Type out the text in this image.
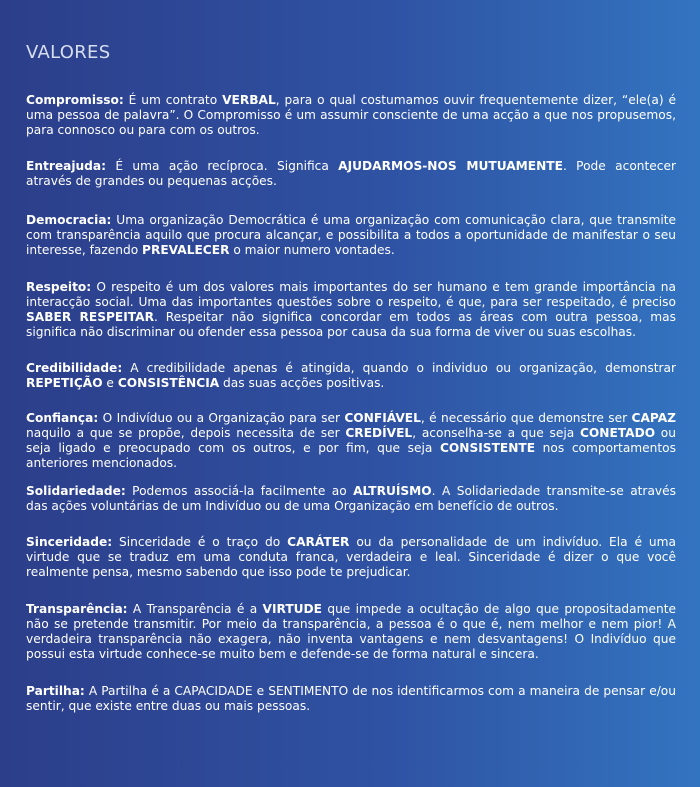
VALORES
Compromisso: É um contrato VERBAL, para o qual costumamos ouvir frequentemente dizer, “ele(a) é uma pessoa de palavra”. O Compromisso é um assumir consciente de uma acção a que nos propusemos, para connosco ou para com os outros.
Entreajuda: É uma ação recíproca. Significa AJUDARMOS-NOS MUTUAMENTE. Pode acontecer através de grandes ou pequenas acções.
Democracia: Uma organização Democrática é uma organização com comunicação clara, que transmite com transparência aquilo que procura alcançar, e possibilita a todos a oportunidade de manifestar o seu interesse, fazendo PREVALECER o maior numero vontades.
Respeito: O respeito é um dos valores mais importantes do ser humano e tem grande importância na interacção social. Uma das importantes questões sobre o respeito, é que, para ser respeitado, é preciso SABER RESPEITAR. Respeitar não significa concordar em todos as áreas com outra pessoa, mas significa não discriminar ou ofender essa pessoa por causa da sua forma de viver ou suas escolhas.
Credibilidade: A credibilidade apenas é atingida, quando o individuo ou organização, demonstrar REPETIÇÃO e CONSISTÊNCIA das suas acções positivas.
Confiança: O Indivíduo ou a Organização para ser CONFIÁVEL, é necessário que demonstre ser CAPAZ naquilo a que se propõe, depois necessita de ser CREDÍVEL, aconselha-se a que seja CONETADO ou seja ligado e preocupado com os outros, e por fim, que seja CONSISTENTE nos comportamentos anteriores mencionados.
Solidariedade: Podemos associá-la facilmente ao ALTRUÍSMO. A Solidariedade transmite-se através das ações voluntárias de um Indivíduo ou de uma Organização em benefício de outros.
Sinceridade: Sinceridade é o traço do CARÁTER ou da personalidade de um indivíduo. Ela é uma virtude que se traduz em uma conduta franca, verdadeira e leal. Sinceridade é dizer o que você realmente pensa, mesmo sabendo que isso pode te prejudicar.
Transparência: A Transparência é a VIRTUDE que impede a ocultação de algo que propositadamente não se pretende transmitir. Por meio da transparência, a pessoa é o que é, nem melhor e nem pior! A verdadeira transparência não exagera, não inventa vantagens e nem desvantagens! O Indivíduo que possui esta virtude conhece-se muito bem e defende-se de forma natural e sincera.
Partilha: A Partilha é a CAPACIDADE e SENTIMENTO de nos identificarmos com a maneira de pensar e/ou sentir, que existe entre duas ou mais pessoas.
